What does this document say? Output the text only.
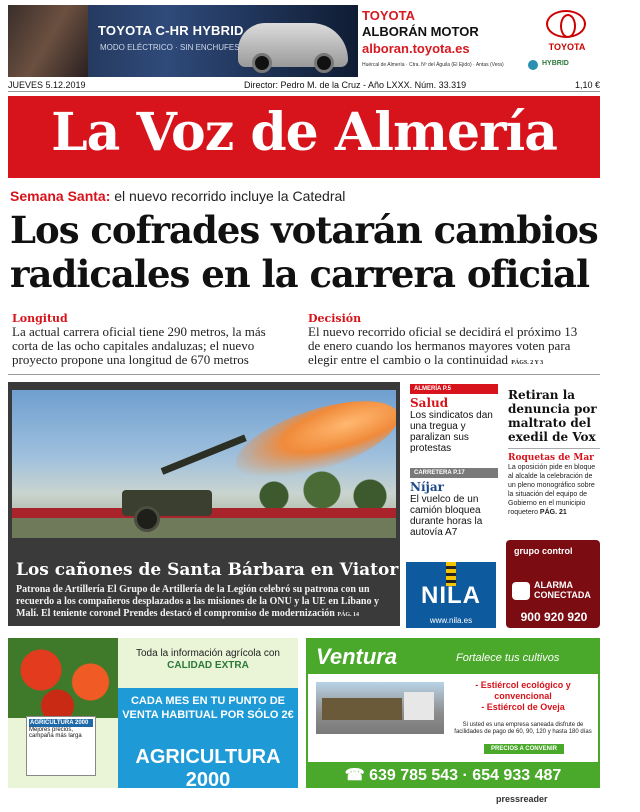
TOYOTA C-HR HYBRID
MODO ELÉCTRICO · SIN ENCHUFES
TOYOTA
ALBORÁN MOTOR
alboran.toyota.es
Huércal de Almería · Ctra. Nº del Águila (El Ejido) · Antas (Vera)
TOYOTA
HYBRID
JUEVES 5.12.2019	Director: Pedro M. de la Cruz - Año LXXX. Núm. 33.319	1,10 €
La Voz de Almería
Semana Santa: el nuevo recorrido incluye la Catedral
Los cofrades votarán cambios radicales en la carrera oficial
Longitud
La actual carrera oficial tiene 290 metros, la más corta de las ocho capitales andaluzas; el nuevo proyecto propone una longitud de 670 metros
Decisión
El nuevo recorrido oficial se decidirá el próximo 13 de enero cuando los hermanos mayores voten para elegir entre el cambio o la continuidad PÁGS. 2 Y 3
Los cañones de Santa Bárbara en Viator
Patrona de Artillería El Grupo de Artillería de la Legión celebró su patrona con un recuerdo a los compañeros desplazados a las misiones de la ONU y la UE en Líbano y Malí. El teniente coronel Prendes destacó el compromiso de modernización PÁG. 14
ALMERÍA P.5
Salud
Los sindicatos dan una tregua y paralizan sus protestas
CARRETERA P.17
Níjar
El vuelco de un camión bloquea durante horas la autovía A7
NILA
www.nila.es
Retiran la denuncia por maltrato del exedil de Vox
Roquetas de Mar
La oposición pide en bloque al alcalde la celebración de un pleno monográfico sobre la situación del equipo de Gobierno en el municipio roquetero PÁG. 21
grupo control
ALARMA CONECTADA
900 920 920
Toda la información agrícola con CALIDAD EXTRA
CADA MES EN TU PUNTO DE VENTA HABITUAL POR SÓLO 2€
AGRICULTURA 2000
AGRICULTURA 2000
Mejores precios, campaña más larga
Ventura	Fortalece tus cultivos
- Estiércol ecológico y convencional
- Estiércol de Oveja
Si usted es una empresa saneada disfrute de facilidades de pago de 60, 90, 120 y hasta 180 días
PRECIOS A CONVENIR
☎ 639 785 543 · 654 933 487
pressreader
